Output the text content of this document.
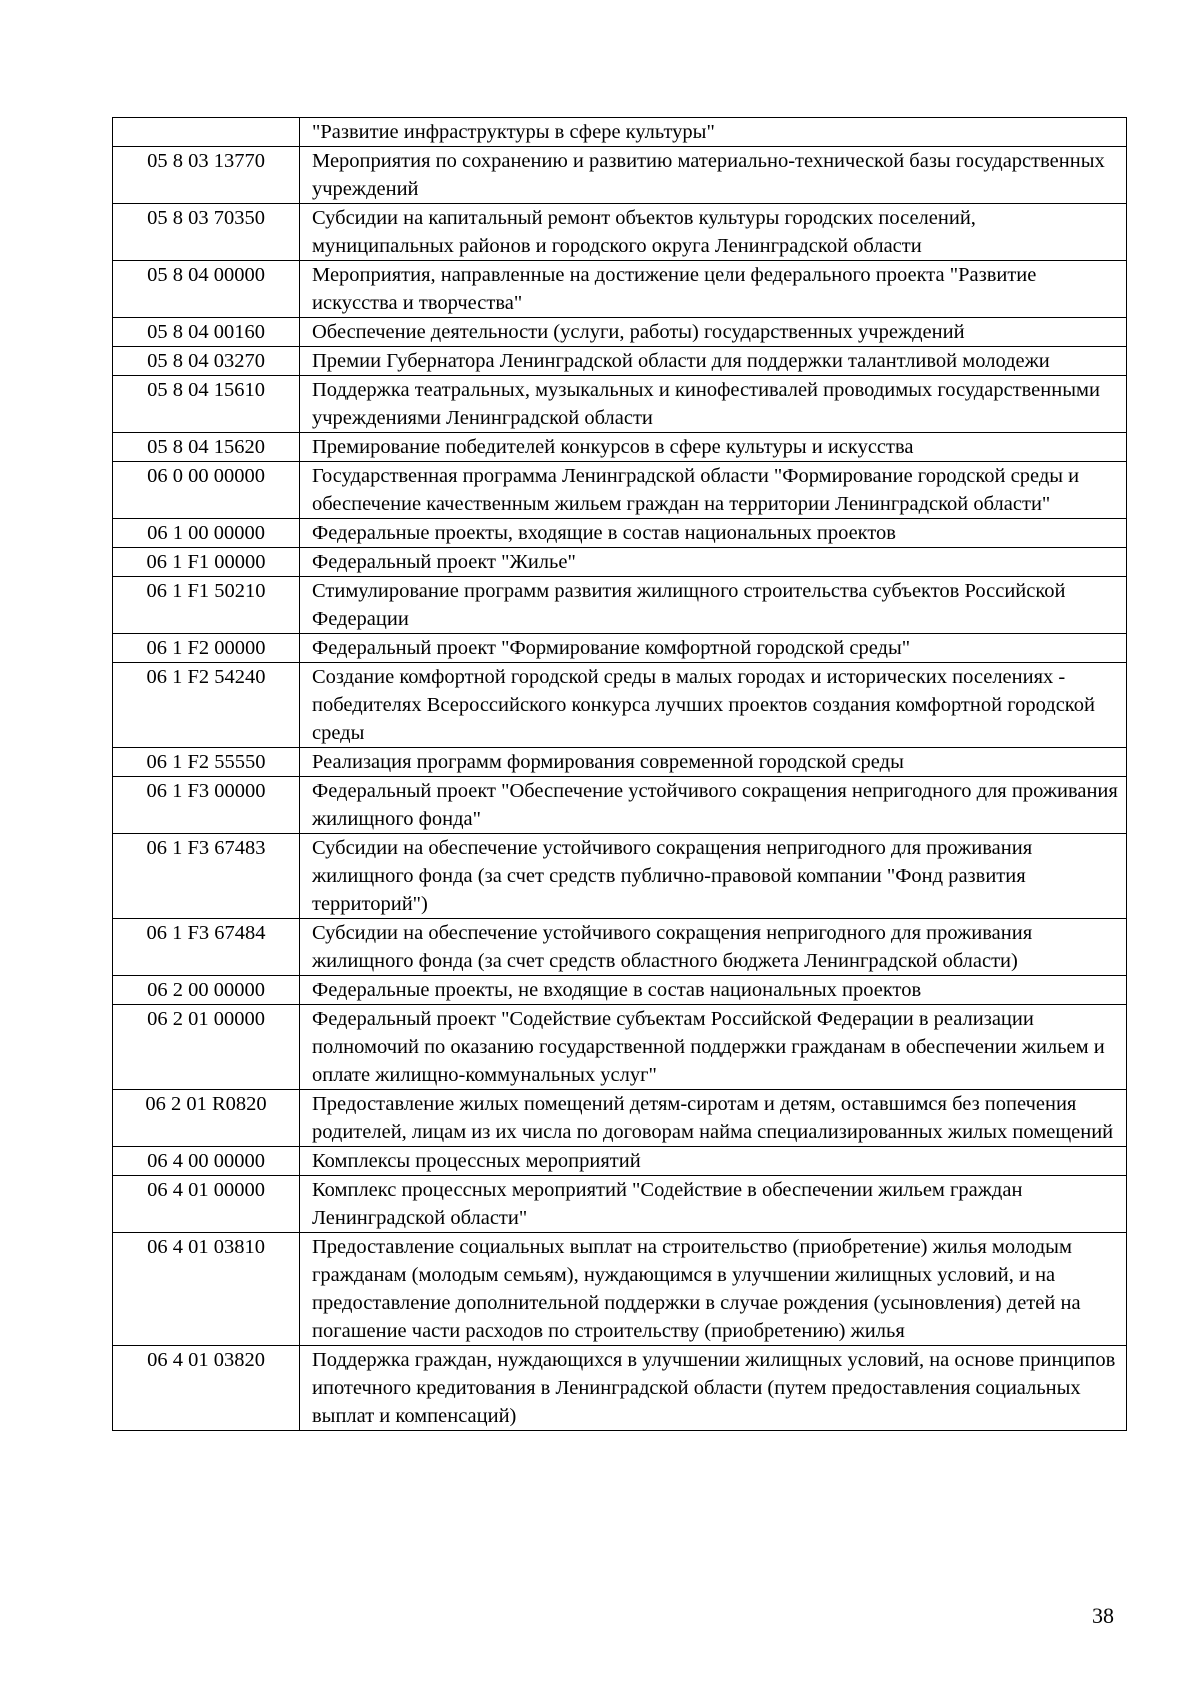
	"Развитие инфраструктуры в сфере культуры"
05 8 03 13770	Мероприятия по сохранению и развитию материально-технической базы государственных учреждений
05 8 03 70350	Субсидии на капитальный ремонт объектов культуры городских поселений, муниципальных районов и городского округа Ленинградской области
05 8 04 00000	Мероприятия, направленные на достижение цели федерального проекта "Развитие искусства и творчества"
05 8 04 00160	Обеспечение деятельности (услуги, работы) государственных учреждений
05 8 04 03270	Премии Губернатора Ленинградской области для поддержки талантливой молодежи
05 8 04 15610	Поддержка театральных, музыкальных и кинофестивалей проводимых государственными учреждениями Ленинградской области
05 8 04 15620	Премирование победителей конкурсов в сфере культуры и искусства
06 0 00 00000	Государственная программа Ленинградской области "Формирование городской среды и обеспечение качественным жильем граждан на территории Ленинградской области"
06 1 00 00000	Федеральные проекты, входящие в состав национальных проектов
06 1 F1 00000	Федеральный проект "Жилье"
06 1 F1 50210	Стимулирование программ развития жилищного строительства субъектов Российской Федерации
06 1 F2 00000	Федеральный проект "Формирование комфортной городской среды"
06 1 F2 54240	Создание комфортной городской среды в малых городах и исторических поселениях - победителях Всероссийского конкурса лучших проектов создания комфортной городской среды
06 1 F2 55550	Реализация программ формирования современной городской среды
06 1 F3 00000	Федеральный проект "Обеспечение устойчивого сокращения непригодного для проживания жилищного фонда"
06 1 F3 67483	Субсидии на обеспечение устойчивого сокращения непригодного для проживания жилищного фонда (за счет средств публично-правовой компании "Фонд развития территорий")
06 1 F3 67484	Субсидии на обеспечение устойчивого сокращения непригодного для проживания жилищного фонда (за счет средств областного бюджета Ленинградской области)
06 2 00 00000	Федеральные проекты, не входящие в состав национальных проектов
06 2 01 00000	Федеральный проект "Содействие субъектам Российской Федерации в реализации полномочий по оказанию государственной поддержки гражданам в обеспечении жильем и оплате жилищно-коммунальных услуг"
06 2 01 R0820	Предоставление жилых помещений детям-сиротам и детям, оставшимся без попечения родителей, лицам из их числа по договорам найма специализированных жилых помещений
06 4 00 00000	Комплексы процессных мероприятий
06 4 01 00000	Комплекс процессных мероприятий "Содействие в обеспечении жильем граждан Ленинградской области"
06 4 01 03810	Предоставление социальных выплат на строительство (приобретение) жилья молодым гражданам (молодым семьям), нуждающимся в улучшении жилищных условий, и на предоставление дополнительной поддержки в случае рождения (усыновления) детей на погашение части расходов по строительству (приобретению) жилья
06 4 01 03820	Поддержка граждан, нуждающихся в улучшении жилищных условий, на основе принципов ипотечного кредитования в Ленинградской области (путем предоставления социальных выплат и компенсаций)
38
